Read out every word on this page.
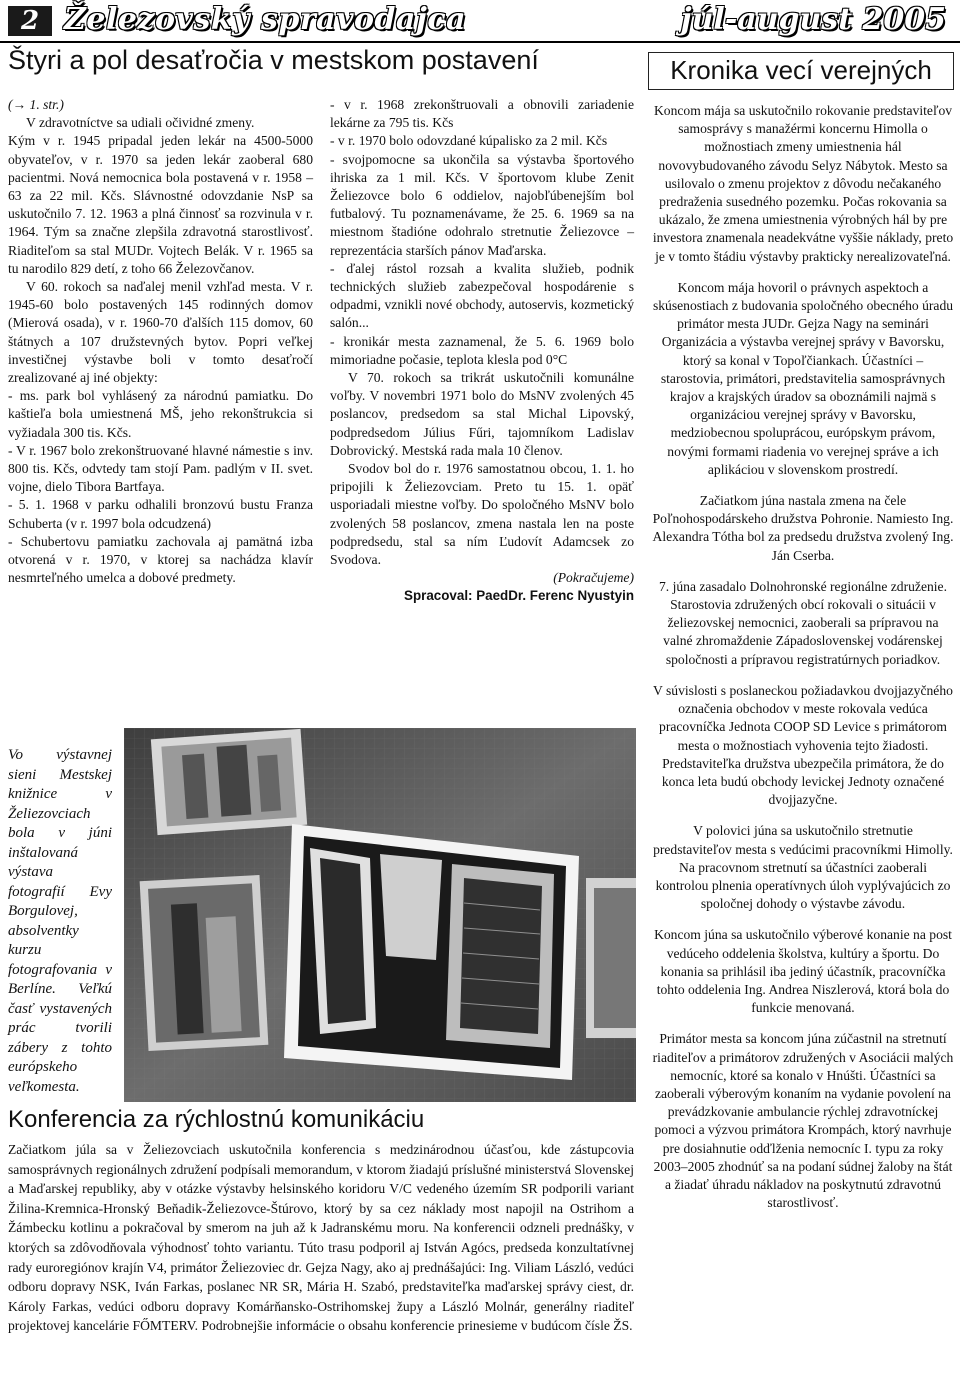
2 Železovský spravodajca	júl-august 2005
Štyri a pol desaťročia v mestskom postavení	Kronika vecí verejných

(→ 1. str.)

V zdravotníctve sa udiali očividné zmeny.

Kým v r. 1945 pripadal jeden lekár na 4500-5000 obyvateľov, v r. 1970 sa jeden lekár zaoberal 680 pacientmi. Nová nemocnica bola postavená v r. 1958 – 63 za 22 mil. Kčs. Slávnostné odovzdanie NsP sa uskutočnilo 7. 12. 1963 a plná činnosť sa rozvinula v r. 1964. Tým sa značne zlepšila zdravotná starostlivosť. Riaditeľom sa stal MUDr. Vojtech Belák. V r. 1965 sa tu narodilo 829 detí, z toho 66 Železovčanov.

V 60. rokoch sa naďalej menil vzhľad mesta. V r. 1945-60 bolo postavených 145 rodinných domov (Mierová osada), v r. 1960-70 ďalších 115 domov, 60 štátnych a 107 družstevných bytov. Popri veľkej investičnej výstavbe boli v tomto desaťročí zrealizované aj iné objekty:

- ms. park bol vyhlásený za národnú pamiatku. Do kaštieľa bola umiestnená MŠ, jeho rekonštrukcia si vyžiadala 300 tis. Kčs.

- V r. 1967 bolo zrekonštruované hlavné námestie s inv. 800 tis. Kčs, odvtedy tam stojí Pam. padlým v II. svet. vojne, dielo Tibora Bartfaya.

- 5. 1. 1968 v parku odhalili bronzovú bustu Franza Schuberta (v r. 1997 bola odcudzená)

- Schubertovu pamiatku zachovala aj pamätná izba otvorená v r. 1970, v ktorej sa nachádza klavír nesmrteľného umelca a dobové predmety.

- v r. 1968 zrekonštruovali a obnovili zariadenie lekárne za 795 tis. Kčs

- v r. 1970 bolo odovzdané kúpalisko za 2 mil. Kčs

- svojpomocne sa ukončila sa výstavba športového ihriska za 1 mil. Kčs. V športovom klube Zenit Želiezovce bolo 6 oddielov, najobľúbenejším bol futbalový. Tu poznamenávame, že 25. 6. 1969 sa na miestnom štadióne odohralo stretnutie Želiezovce – reprezentácia starších pánov Maďarska.

- ďalej rástol rozsah a kvalita služieb, podnik technických služieb zabezpečoval hospodárenie s odpadmi, vznikli nové obchody, autoservis, kozmetický salón...

- kronikár mesta zaznamenal, že 5. 6. 1969 bolo mimoriadne počasie, teplota klesla pod 0°C

V 70. rokoch sa trikrát uskutočnili komunálne voľby. V novembri 1971 bolo do MsNV zvolených 45 poslancov, predsedom sa stal Michal Lipovský, podpredsedom Július Fűri, tajomníkom Ladislav Dobrovický. Mestská rada mala 10 členov.

Svodov bol do r. 1976 samostatnou obcou, 1. 1. ho pripojili k Želiezovciam. Preto tu 15. 1. opäť usporiadali miestne voľby. Do spoločného MsNV bolo zvolených 58 poslancov, zmena nastala len na poste podpredsedu, stal sa ním Ľudovít Adamcsek zo Svodova.

(Pokračujeme)

Spracoval: PaedDr. Ferenc Nyustyin

Koncom mája sa uskutočnilo rokovanie predstaviteľov samosprávy s manažérmi koncernu Himolla o možnostiach zmeny umiestnenia hál novovybudovaného závodu Selyz Nábytok. Mesto sa usilovalo o zmenu projektov z dôvodu nečakaného predraženia susedného pozemku. Počas rokovania sa ukázalo, že zmena umiestnenia výrobných hál by pre investora znamenala neadekvátne vyššie náklady, preto je v tomto štádiu výstavby prakticky nerealizovateľná.

Koncom mája hovoril o právnych aspektoch a skúsenostiach z budovania spoločného obecného úradu primátor mesta JUDr. Gejza Nagy na seminári Organizácia a výstavba verejnej správy v Bavorsku, ktorý sa konal v Topoľčiankach. Účastníci – starostovia, primátori, predstavitelia samosprávnych krajov a krajských úradov sa oboznámili najmä s organizáciou verejnej správy v Bavorsku, medziobecnou spoluprácou, európskym právom, novými formami riadenia vo verejnej správe a ich aplikáciou v slovenskom prostredí.

Začiatkom júna nastala zmena na čele Poľnohospodárskeho družstva Pohronie. Namiesto Ing. Alexandra Tótha bol za predsedu družstva zvolený Ing. Ján Cserba.

7. júna zasadalo Dolnohronské regionálne združenie. Starostovia združených obcí rokovali o situácii v želiezovskej nemocnici, zaoberali sa prípravou na valné zhromaždenie Západoslovenskej vodárenskej spoločnosti a prípravou registratúrnych poriadkov.

V súvislosti s poslaneckou požiadavkou dvojjazyčného označenia obchodov v meste rokovala vedúca pracovníčka Jednota COOP SD Levice s primátorom mesta o možnostiach vyhovenia tejto žiadosti. Predstaviteľka družstva ubezpečila primátora, že do konca leta budú obchody levickej Jednoty označené dvojjazyčne.

V polovici júna sa uskutočnilo stretnutie predstaviteľov mesta s vedúcimi pracovníkmi Himolly. Na pracovnom stretnutí sa účastníci zaoberali kontrolou plnenia operatívnych úloh vyplývajúcich zo spoločnej dohody o výstavbe závodu.

Koncom júna sa uskutočnilo výberové konanie na post vedúceho oddelenia školstva, kultúry a športu. Do konania sa prihlásil iba jediný účastník, pracovníčka tohto oddelenia Ing. Andrea Niszlerová, ktorá bola do funkcie menovaná.

Primátor mesta sa koncom júna zúčastnil na stretnutí riaditeľov a primátorov združených v Asociácii malých nemocníc, ktoré sa konalo v Hnúšti. Účastníci sa zaoberali výberovým konaním na vydanie povolení na prevádzkovanie ambulancie rýchlej zdravotníckej pomoci a výzvou primátora Krompách, ktorý navrhuje pre dosiahnutie odďlženia nemocníc I. typu za roky 2003–2005 zhodnúť sa na podaní súdnej žaloby na štát a žiadať úhradu nákladov na poskytnutú zdravotnú starostlivosť.

Vo výstavnej sieni Mestskej knižnice v Želiezovciach bola v júni inštalovaná výstava fotografií Evy Borgulovej, absolventky kurzu fotografovania v Berlíne. Veľkú časť vystavených prác tvorili zábery z tohto európskeho veľkomesta.
Konferencia za rýchlostnú komunikáciu
Začiatkom júla sa v Želiezovciach uskutočnila konferencia s medzinárodnou účasťou, kde zástupcovia samosprávnych regionálnych združení podpísali memorandum, v ktorom žiadajú príslušné ministerstvá Slovenskej a Maďarskej republiky, aby v otázke výstavby helsinského koridoru V/C vedeného územím SR podporili variant Žilina-Kremnica-Hronský Beňadik-Želiezovce-Štúrovo, ktorý by sa cez náklady most napojil na Ostrihom a Žámbecku kotlinu a pokračoval by smerom na juh až k Jadranskému moru. Na konferencii odzneli prednášky, v ktorých sa zdôvodňovala výhodnosť tohto variantu. Túto trasu podporil aj István Agócs, predseda konzultatívnej rady euroregiónov krajín V4, primátor Želiezoviec dr. Gejza Nagy, ako aj prednášajúci: Ing. Viliam László, vedúci odboru dopravy NSK, Iván Farkas, poslanec NR SR, Mária H. Szabó, predstaviteľka maďarskej správy ciest, dr. Károly Farkas, vedúci odboru dopravy Komárňansko-Ostrihomskej župy a László Molnár, generálny riaditeľ projektovej kancelárie FŐMTERV. Podrobnejšie informácie o obsahu konferencie prinesieme v budúcom čísle ŽS.
